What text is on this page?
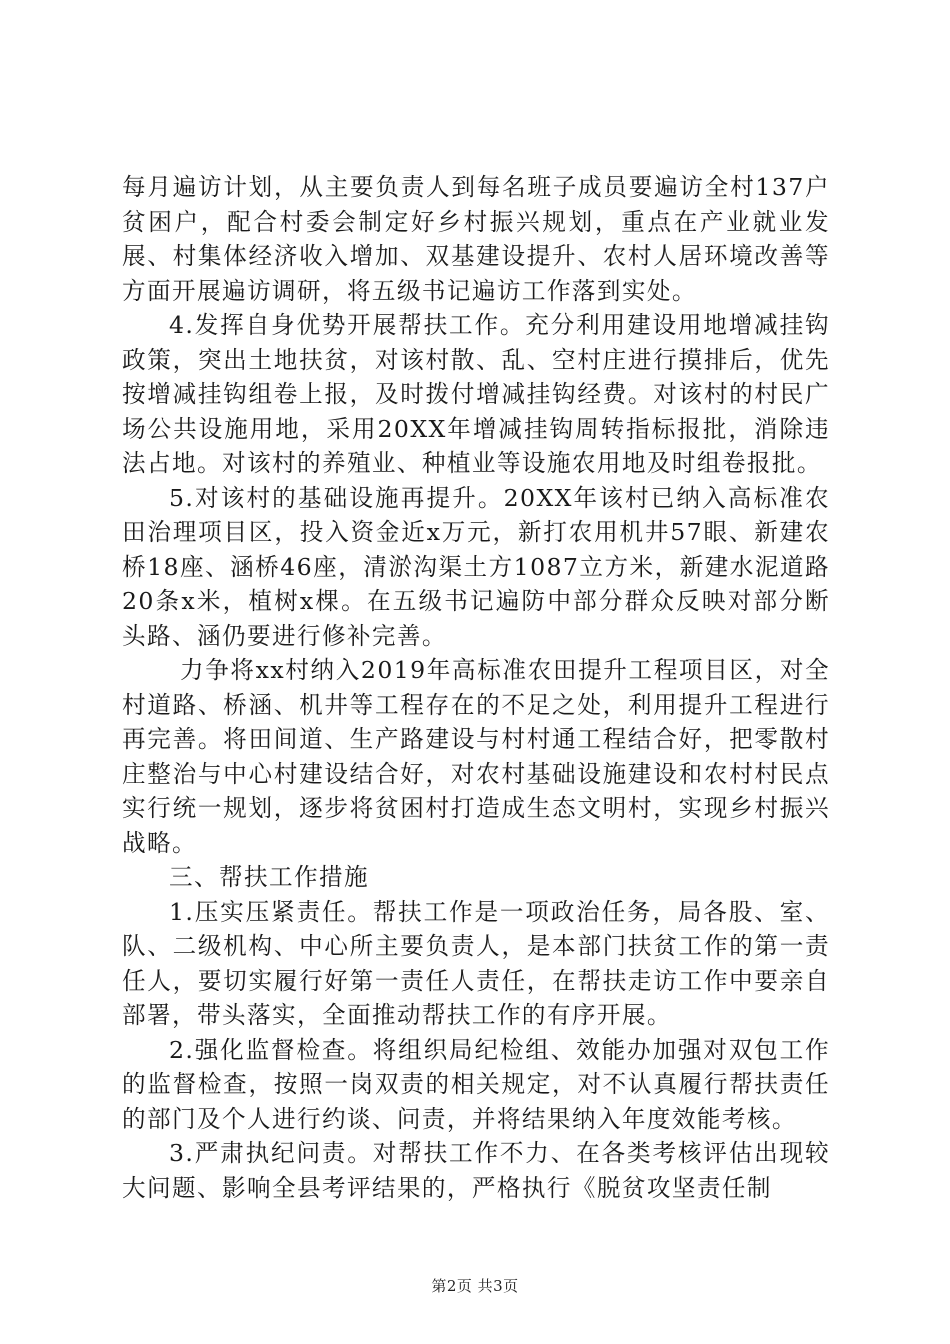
每月遍访计划，从主要负责人到每名班子成员要遍访全村137户贫困户，配合村委会制定好乡村振兴规划，重点在产业就业发展、村集体经济收入增加、双基建设提升、农村人居环境改善等方面开展遍访调研，将五级书记遍访工作落到实处。

4.发挥自身优势开展帮扶工作。充分利用建设用地增减挂钩政策，突出土地扶贫，对该村散、乱、空村庄进行摸排后，优先按增减挂钩组卷上报，及时拨付增减挂钩经费。对该村的村民广场公共设施用地，采用20XX年增减挂钩周转指标报批，消除违法占地。对该村的养殖业、种植业等设施农用地及时组卷报批。

5.对该村的基础设施再提升。20XX年该村已纳入高标准农田治理项目区，投入资金近x万元，新打农用机井57眼、新建农桥18座、涵桥46座，清淤沟渠土方1087立方米，新建水泥道路20条x米，植树x棵。在五级书记遍防中部分群众反映对部分断头路、涵仍要进行修补完善。

力争将xx村纳入2019年高标准农田提升工程项目区，对全村道路、桥涵、机井等工程存在的不足之处，利用提升工程进行再完善。将田间道、生产路建设与村村通工程结合好，把零散村庄整治与中心村建设结合好，对农村基础设施建设和农村村民点实行统一规划，逐步将贫困村打造成生态文明村，实现乡村振兴战略。

三、帮扶工作措施

1.压实压紧责任。帮扶工作是一项政治任务，局各股、室、队、二级机构、中心所主要负责人，是本部门扶贫工作的第一责任人，要切实履行好第一责任人责任，在帮扶走访工作中要亲自部署，带头落实，全面推动帮扶工作的有序开展。

2.强化监督检查。将组织局纪检组、效能办加强对双包工作的监督检查，按照一岗双责的相关规定，对不认真履行帮扶责任的部门及个人进行约谈、问责，并将结果纳入年度效能考核。

3.严肃执纪问责。对帮扶工作不力、在各类考核评估出现较大问题、影响全县考评结果的，严格执行《脱贫攻坚责任制

第2页 共3页
